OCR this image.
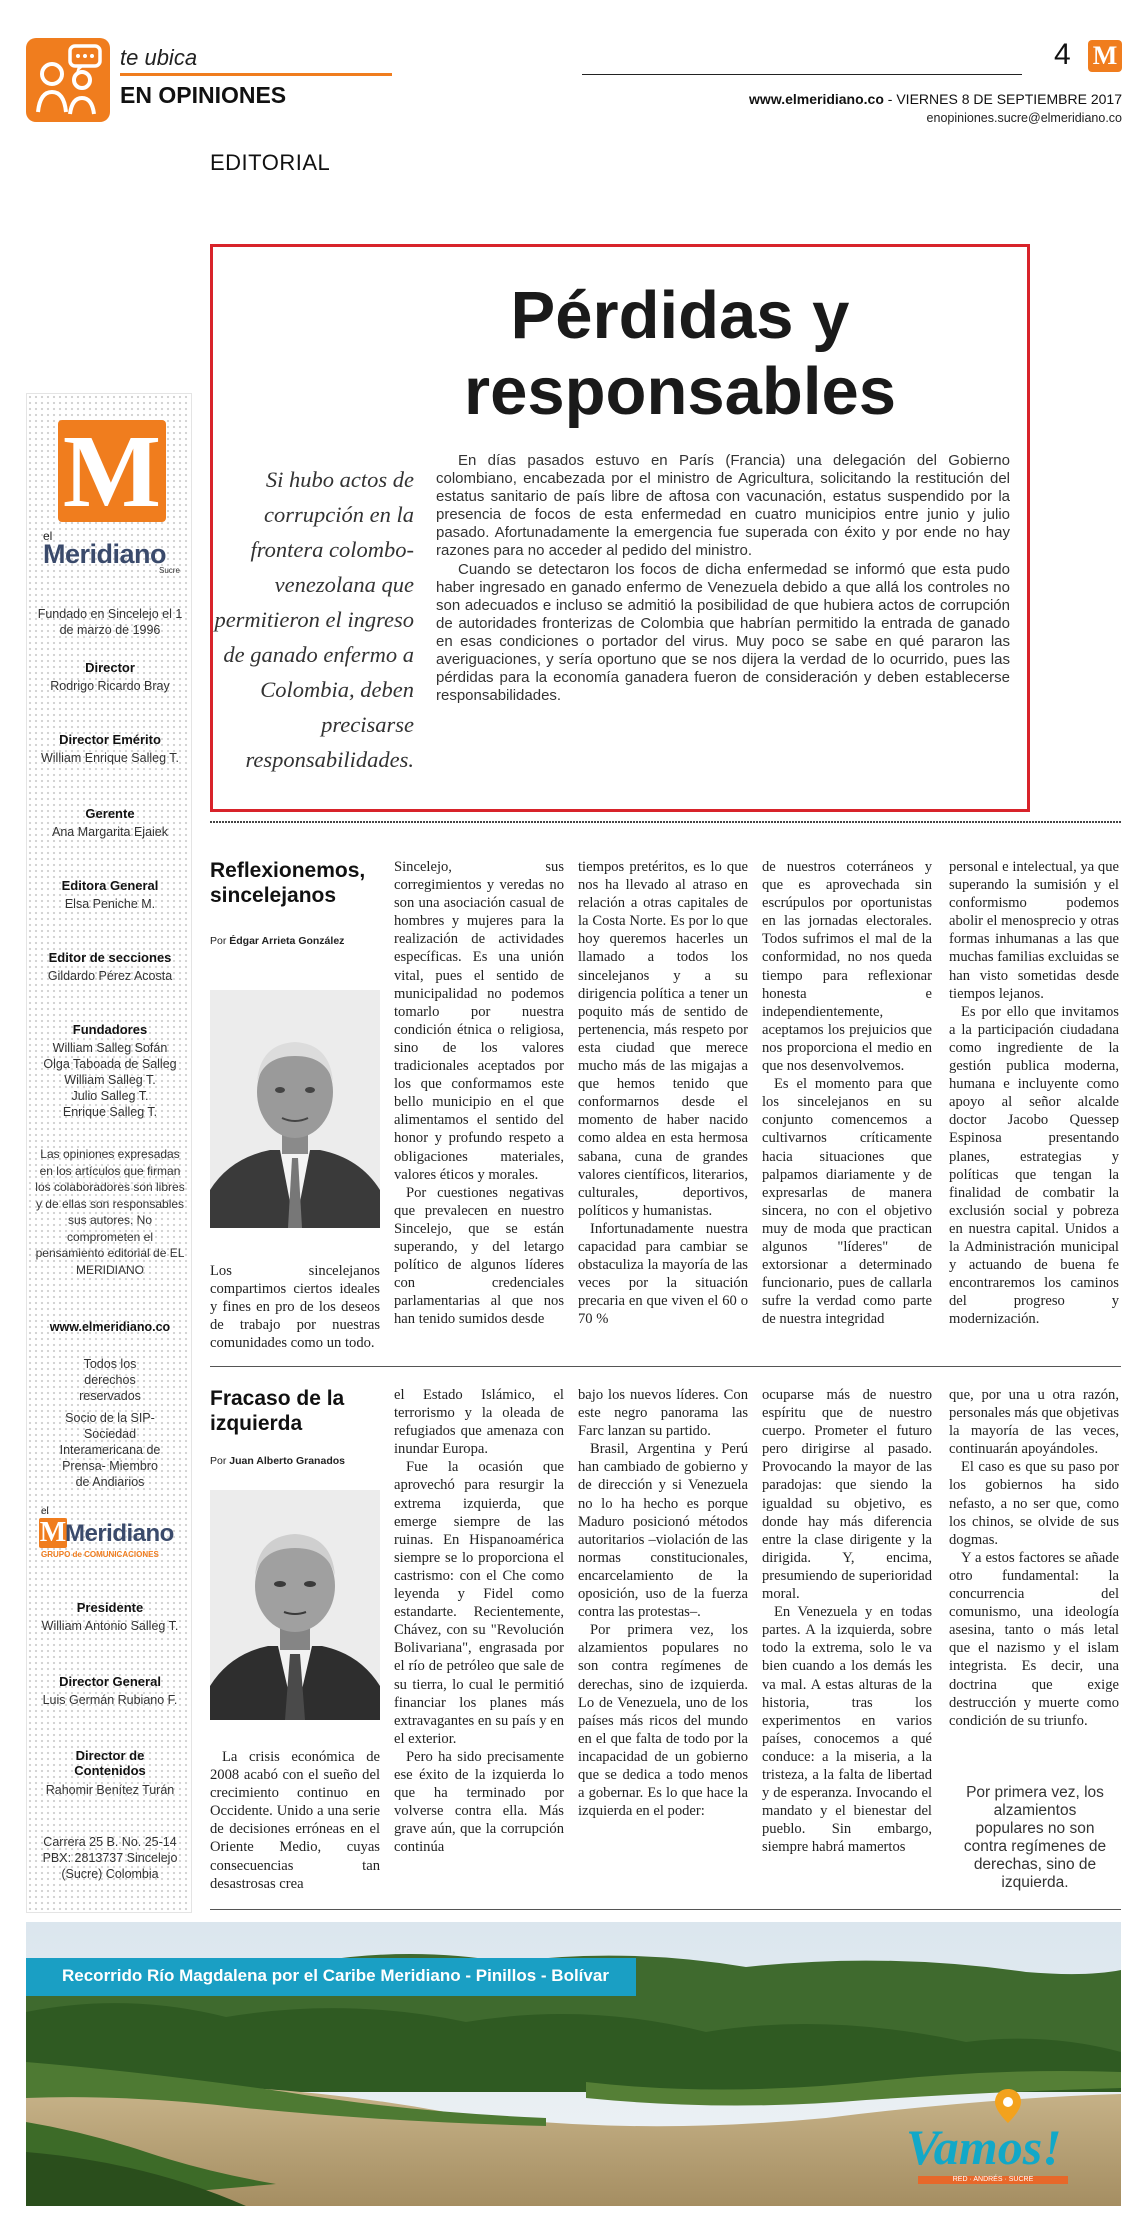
te ubica
EN OPINIONES
4 M
www.elmeridiano.co - VIERNES 8 DE SEPTIEMBRE 2017
enopiniones.sucre@elmeridiano.co
EDITORIAL
M
el
Meridiano
Sucre
Fundado en Sincelejo el 1 de marzo de 1996
Director
Rodrigo Ricardo Bray
Director Emérito
William Enrique Salleg T.
Gerente
Ana Margarita Ejaiek
Editora General
Elsa Peniche M.
Editor de secciones
Gildardo Pérez Acosta
Fundadores
William Salleg Sofán
Olga Taboada de Salleg
William Salleg T.
Julio Salleg T.
Enrique Salleg T.
Las opiniones expresadas en los artículos que firman los colaboradores son libres y de ellas son responsables sus autores. No comprometen el pensamiento editorial de EL MERIDIANO
www.elmeridiano.co
Todos los derechos reservados
Socio de la SIP- Sociedad Interamericana de Prensa- Miembro de Andiarios
el
M
Meridiano
GRUPO de COMUNICACIONES
Presidente
William Antonio Salleg T.
Director General
Luis Germán Rubiano F.
Director de Contenidos
Rahomir Benítez Turán
Carrera 25 B. No. 25-14 PBX: 2813737 Sincelejo (Sucre) Colombia
Pérdidas y
responsables
Si hubo actos de corrupción en la frontera colombo-venezolana que permitieron el ingreso de ganado enfermo a Colombia, deben precisarse responsabilidades.

En días pasados estuvo en París (Francia) una delegación del Gobierno colombiano, encabezada por el ministro de Agricultura, solicitando la restitución del estatus sanitario de país libre de aftosa con vacunación, estatus suspendido por la presencia de focos de esta enfermedad en cuatro municipios entre junio y julio pasado. Afortunadamente la emergencia fue superada con éxito y por ende no hay razones para no acceder al pedido del ministro.

Cuando se detectaron los focos de dicha enfermedad se informó que esta pudo haber ingresado en ganado enfermo de Venezuela debido a que allá los controles no son adecuados e incluso se admitió la posibilidad de que hubiera actos de corrupción de autoridades fronterizas de Colombia que habrían permitido la entrada de ganado en esas condiciones o portador del virus. Muy poco se sabe en qué pararon las averiguaciones, y sería oportuno que se nos dijera la verdad de lo ocurrido, pues las pérdidas para la economía ganadera fueron de consideración y deben establecerse responsabilidades.

Reflexionemos, sincelejanos
Por Édgar Arrieta González

Los sincelejanos compartimos ciertos ideales y fines en pro de los deseos de trabajo por nuestras comunidades como un todo.

Sincelejo, sus corregimientos y veredas no son una asociación casual de hombres y mujeres para la realización de actividades específicas. Es una unión vital, pues el sentido de municipalidad no podemos tomarlo por nuestra condición étnica o religiosa, sino de los valores tradicionales aceptados por los que conformamos este bello municipio en el que alimentamos el sentido del honor y profundo respeto a obligaciones materiales, valores éticos y morales.

Por cuestiones negativas que prevalecen en nuestro Sincelejo, que se están superando, y del letargo político de algunos líderes con credenciales parlamentarias al que nos han tenido sumidos desde

tiempos pretéritos, es lo que nos ha llevado al atraso en relación a otras capitales de la Costa Norte. Es por lo que hoy queremos hacerles un llamado a todos los sincelejanos y a su dirigencia política a tener un poquito más de sentido de pertenencia, más respeto por esta ciudad que merece mucho más de las migajas a que hemos tenido que conformarnos desde el momento de haber nacido como aldea en esta hermosa sabana, cuna de grandes valores científicos, literarios, culturales, deportivos, políticos y humanistas.

Infortunadamente nuestra capacidad para cambiar se obstaculiza la mayoría de las veces por la situación precaria en que viven el 60 o 70 %

de nuestros coterráneos y que es aprovechada sin escrúpulos por oportunistas en las jornadas electorales. Todos sufrimos el mal de la conformidad, no nos queda tiempo para reflexionar honesta e independientemente, aceptamos los prejuicios que nos proporciona el medio en que nos desenvolvemos.

Es el momento para que los sincelejanos en su conjunto comencemos a cultivarnos críticamente hacia situaciones que palpamos diariamente y de expresarlas de manera sincera, no con el objetivo muy de moda que practican algunos "líderes" de extorsionar a determinado funcionario, pues de callarla sufre la verdad como parte de nuestra integridad

personal e intelectual, ya que superando la sumisión y el conformismo podemos abolir el menosprecio y otras formas inhumanas a las que muchas familias excluidas se han visto sometidas desde tiempos lejanos.

Es por ello que invitamos a la participación ciudadana como ingrediente de la gestión publica moderna, humana e incluyente como apoyo al señor alcalde doctor Jacobo Quessep Espinosa presentando planes, estrategias y políticas que tengan la finalidad de combatir la exclusión social y pobreza en nuestra capital. Unidos a la Administración municipal y actuando de buena fe encontraremos los caminos del progreso y modernización.

Fracaso de la izquierda
Por Juan Alberto Granados

La crisis económica de 2008 acabó con el sueño del crecimiento continuo en Occidente. Unido a una serie de decisiones erróneas en el Oriente Medio, cuyas consecuencias tan desastrosas crea

el Estado Islámico, el terrorismo y la oleada de refugiados que amenaza con inundar Europa.

Fue la ocasión que aprovechó para resurgir la extrema izquierda, que emerge siempre de las ruinas. En Hispanoamérica siempre se lo proporciona el castrismo: con el Che como leyenda y Fidel como estandarte. Recientemente, Chávez, con su "Revolución Bolivariana", engrasada por el río de petróleo que sale de su tierra, lo cual le permitió financiar los planes más extravagantes en su país y en el exterior.

Pero ha sido precisamente ese éxito de la izquierda lo que ha terminado por volverse contra ella. Más grave aún, que la corrupción continúa

bajo los nuevos líderes. Con este negro panorama las Farc lanzan su partido.

Brasil, Argentina y Perú han cambiado de gobierno y de dirección y si Venezuela no lo ha hecho es porque Maduro posicionó métodos autoritarios –violación de las normas constitucionales, encarcelamiento de la oposición, uso de la fuerza contra las protestas–.

Por primera vez, los alzamientos populares no son contra regímenes de derechas, sino de izquierda. Lo de Venezuela, uno de los países más ricos del mundo en el que falta de todo por la incapacidad de un gobierno que se dedica a todo menos a gobernar. Es lo que hace la izquierda en el poder:

ocuparse más de nuestro espíritu que de nuestro cuerpo. Prometer el futuro pero dirigirse al pasado. Provocando la mayor de las paradojas: que siendo la igualdad su objetivo, es donde hay más diferencia entre la clase dirigente y la dirigida. Y, encima, presumiendo de superioridad moral.

En Venezuela y en todas partes. A la izquierda, sobre todo la extrema, solo le va bien cuando a los demás les va mal. A estas alturas de la historia, tras los experimentos en varios países, conocemos a qué conduce: a la miseria, a la tristeza, a la falta de libertad y de esperanza. Invocando el mandato y el bienestar del pueblo. Sin embargo, siempre habrá mamertos

que, por una u otra razón, personales más que objetivas la mayoría de las veces, continuarán apoyándoles.

El caso es que su paso por los gobiernos ha sido nefasto, a no ser que, como los chinos, se olvide de sus dogmas.

Y a estos factores se añade otro fundamental: la concurrencia del comunismo, una ideología asesina, tanto o más letal que el nazismo y el islam integrista. Es decir, una doctrina que exige destrucción y muerte como condición de su triunfo.

Por primera vez, los alzamientos populares no son contra regímenes de derechas, sino de izquierda.
Recorrido Río Magdalena por el Caribe Meridiano - Pinillos - Bolívar
Vamos!
RED · ANDRÉS · SUCRE
